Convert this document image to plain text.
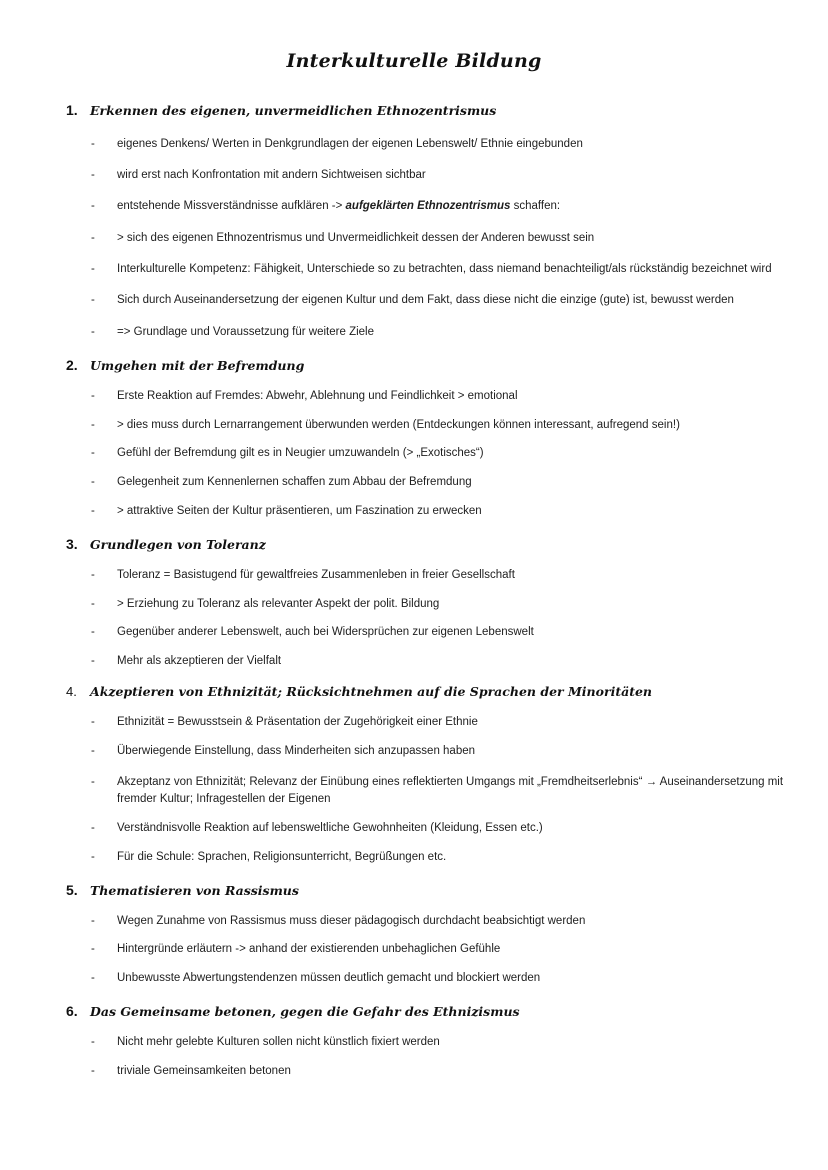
Interkulturelle Bildung
1. Erkennen des eigenen, unvermeidlichen Ethnozentrismus
- eigenes Denkens/ Werten in Denkgrundlagen der eigenen Lebenswelt/ Ethnie eingebunden
- wird erst nach Konfrontation mit andern Sichtweisen sichtbar
- entstehende Missverständnisse aufklären -> aufgeklärten Ethnozentrismus schaffen:
- > sich des eigenen Ethnozentrismus und Unvermeidlichkeit dessen der Anderen bewusst sein
- Interkulturelle Kompetenz: Fähigkeit, Unterschiede so zu betrachten, dass niemand benachteiligt/als rückständig bezeichnet wird
- Sich durch Auseinandersetzung der eigenen Kultur und dem Fakt, dass diese nicht die einzige (gute) ist, bewusst werden
- => Grundlage und Voraussetzung für weitere Ziele
2. Umgehen mit der Befremdung
- Erste Reaktion auf Fremdes: Abwehr, Ablehnung und Feindlichkeit > emotional
- > dies muss durch Lernarrangement überwunden werden (Entdeckungen können interessant, aufregend sein!)
- Gefühl der Befremdung gilt es in Neugier umzuwandeln (> „Exotisches“)
- Gelegenheit zum Kennenlernen schaffen zum Abbau der Befremdung
- > attraktive Seiten der Kultur präsentieren, um Faszination zu erwecken
3. Grundlegen von Toleranz
- Toleranz = Basistugend für gewaltfreies Zusammenleben in freier Gesellschaft
- > Erziehung zu Toleranz als relevanter Aspekt der polit. Bildung
- Gegenüber anderer Lebenswelt, auch bei Widersprüchen zur eigenen Lebenswelt
- Mehr als akzeptieren der Vielfalt
4. Akzeptieren von Ethnizität; Rücksichtnehmen auf die Sprachen der Minoritäten
- Ethnizität = Bewusstsein & Präsentation der Zugehörigkeit einer Ethnie
- Überwiegende Einstellung, dass Minderheiten sich anzupassen haben
- Akzeptanz von Ethnizität; Relevanz der Einübung eines reflektierten Umgangs mit „Fremdheitserlebnis“ → Auseinandersetzung mit fremder Kultur; Infragestellen der Eigenen
- Verständnisvolle Reaktion auf lebensweltliche Gewohnheiten (Kleidung, Essen etc.)
- Für die Schule: Sprachen, Religionsunterricht, Begrüßungen etc.
5. Thematisieren von Rassismus
- Wegen Zunahme von Rassismus muss dieser pädagogisch durchdacht beabsichtigt werden
- Hintergründe erläutern -> anhand der existierenden unbehaglichen Gefühle
- Unbewusste Abwertungstendenzen müssen deutlich gemacht und blockiert werden
6. Das Gemeinsame betonen, gegen die Gefahr des Ethnizismus
- Nicht mehr gelebte Kulturen sollen nicht künstlich fixiert werden
- triviale Gemeinsamkeiten betonen
